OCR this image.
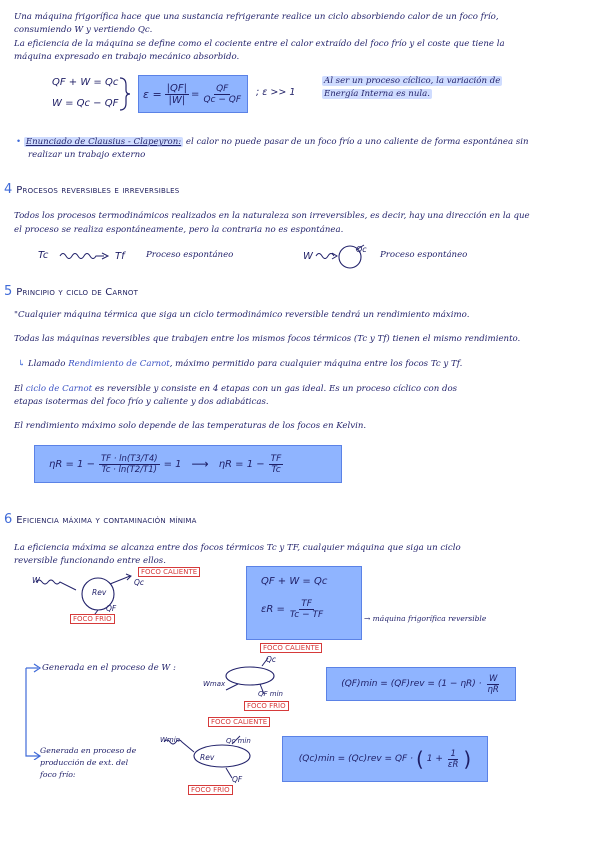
Una máquina frigorífica hace que una sustancia refrigerante realice un ciclo absorbiendo calor de un foco frío,
consumiendo W y vertiendo Qc.
La eficiencia de la máquina se define como el cociente entre el calor extraído del foco frío y el coste que tiene la
máquina expresado en trabajo mecánico absorbido.
QF + W = Qc
W = Qc − QF
$\varepsilon = \frac{|QF|}{|W|} = \frac{QF}{Qc - QF}$ ; ε >> 1
Al ser un proceso cíclico, la variación de
Energía Interna es nula.
• Enunciado de Clausius - Clapeyron: el calor no puede pasar de un foco frío a uno caliente de forma espontánea sin
realizar un trabajo externo
4 Procesos reversibles e irreversibles
Todos los procesos termodinámicos realizados en la naturaleza son irreversibles, es decir, hay una dirección en la que
el proceso se realiza espontáneamente, pero la contraria no es espontánea.
Tc	Tf Proceso espontáneo	W
Qc
Proceso espontáneo
5 Principio y ciclo de Carnot
"Cualquier máquina térmica que siga un ciclo termodinámico reversible tendrá un rendimiento máximo.
Todas las máquinas reversibles que trabajen entre los mismos focos térmicos (Tc y Tf) tienen el mismo rendimiento.
↳ Llamado Rendimiento de Carnot, máximo permitido para cualquier máquina entre los focos Tc y Tf.
El ciclo de Carnot es reversible y consiste en 4 etapas con un gas ideal. Es un proceso cíclico con dos
etapas isotermas del foco frío y caliente y dos adiabáticas.
El rendimiento máximo solo depende de las temperaturas de los focos en Kelvin.
$\eta R = 1 - \frac{TF \cdot \ln(T3/T4)}{Tc \cdot \ln(T2/T1)} = 1$ ⟶ $\eta R = 1 - \frac{TF}{Tc}$
6 Eficiencia máxima y contaminación mínima
La eficiencia máxima se alcanza entre dos focos térmicos Tc y TF, cualquier máquina que siga un ciclo
reversible funcionando entre ellos.
W
Rev
Qc
QF
FOCO CALIENTE
FOCO FRÍO
QF + W = Qc
$\varepsilon R = \frac{TF}{Tc - TF}$	→ máquina frigorífica reversible
Generada en el proceso de W :
FOCO CALIENTE
Qc
Wmax
QF min
FOCO FRÍO
$(QF)\min = (QF)rev = (1 - \eta R) \cdot \frac{W}{\eta R}$
FOCO CALIENTE
Generada en proceso de
producción de ext. del
foco frío:
Wmin
Rev
Qc min
QF
FOCO FRÍO
(Qc)min = (Qc)rev = QF · ( $1 + \frac{1}{\varepsilon R}$ )
